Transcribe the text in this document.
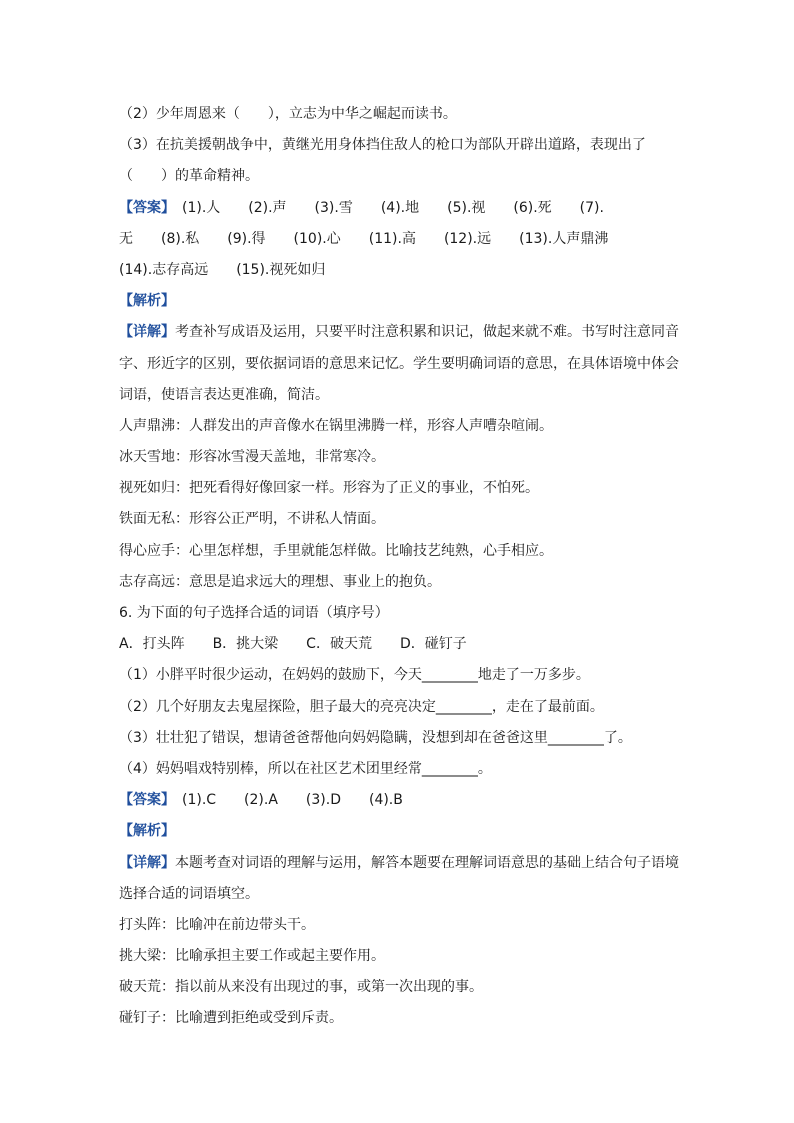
（2）少年周恩来（　　），立志为中华之崛起而读书。
（3）在抗美援朝战争中，黄继光用身体挡住敌人的枪口为部队开辟出道路，表现出了
（　　）的革命精神。
【答案】　(1).人　　(2).声　　(3).雪　　(4).地　　(5).视　　(6).死　　(7).
无　　(8).私　　(9).得　　(10).心　　(11).高　　(12).远　　(13).人声鼎沸
(14).志存高远　　(15).视死如归
【解析】
【详解】考查补写成语及运用，只要平时注意积累和识记，做起来就不难。书写时注意同音
字、形近字的区别，要依据词语的意思来记忆。学生要明确词语的意思，在具体语境中体会
词语，使语言表达更准确，简洁。
人声鼎沸：人群发出的声音像水在锅里沸腾一样，形容人声嘈杂喧闹。
冰天雪地：形容冰雪漫天盖地，非常寒冷。
视死如归：把死看得好像回家一样。形容为了正义的事业，不怕死。
铁面无私：形容公正严明，不讲私人情面。
得心应手：心里怎样想，手里就能怎样做。比喻技艺纯熟，心手相应。
志存高远：意思是追求远大的理想、事业上的抱负。
6. 为下面的句子选择合适的词语（填序号）
A．打头阵　　B．挑大梁　　C．破天荒　　D．碰钉子
（1）小胖平时很少运动，在妈妈的鼓励下，今天________地走了一万多步。
（2）几个好朋友去鬼屋探险，胆子最大的亮亮决定________，走在了最前面。
（3）壮壮犯了错误，想请爸爸帮他向妈妈隐瞒，没想到却在爸爸这里________了。
（4）妈妈唱戏特别棒，所以在社区艺术团里经常________。
【答案】　(1).C　　(2).A　　(3).D　　(4).B
【解析】
【详解】本题考查对词语的理解与运用，解答本题要在理解词语意思的基础上结合句子语境
选择合适的词语填空。
打头阵：比喻冲在前边带头干。
挑大梁：比喻承担主要工作或起主要作用。
破天荒：指以前从来没有出现过的事，或第一次出现的事。
碰钉子：比喻遭到拒绝或受到斥责。
